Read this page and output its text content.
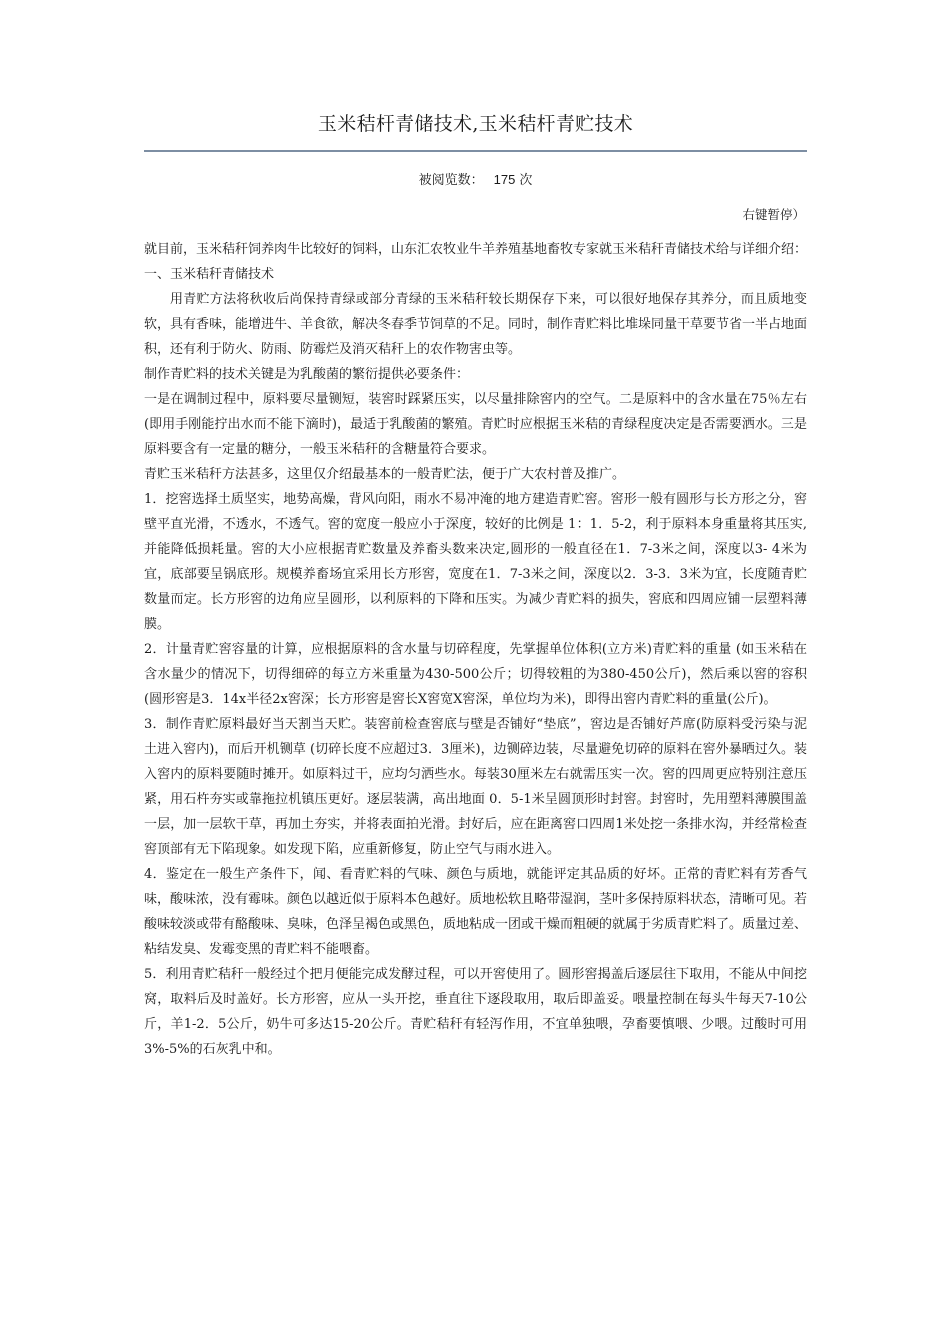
玉米秸杆青储技术,玉米秸杆青贮技术
被阅览数： 175 次
右键暂停）

就目前，玉米秸秆饲养肉牛比较好的饲料，山东汇农牧业牛羊养殖基地畜牧专家就玉米秸秆青储技术给与详细介绍：

一、玉米秸秆青储技术

用青贮方法将秋收后尚保持青绿或部分青绿的玉米秸秆较长期保存下来，可以很好地保存其养分，而且质地变软，具有香味，能增进牛、羊食欲，解决冬春季节饲草的不足。同时，制作青贮料比堆垛同量干草要节省一半占地面积，还有利于防火、防雨、防霉烂及消灭秸秆上的农作物害虫等。

制作青贮料的技术关键是为乳酸菌的繁衍提供必要条件：

一是在调制过程中，原料要尽量铡短，装窖时踩紧压实，以尽量排除窖内的空气。二是原料中的含水量在75％左右(即用手刚能拧出水而不能下滴时)，最适于乳酸菌的繁殖。青贮时应根据玉米秸的青绿程度决定是否需要洒水。三是原料要含有一定量的糖分，一般玉米秸秆的含糖量符合要求。

青贮玉米秸秆方法甚多，这里仅介绍最基本的一般青贮法，便于广大农村普及推广。

1．挖窖选择土质坚实，地势高燥，背风向阳，雨水不易冲淹的地方建造青贮窖。窖形一般有圆形与长方形之分，窖壁平直光滑，不透水，不透气。窖的宽度一般应小于深度，较好的比例是 1：1．5-2，利于原料本身重量将其压实,并能降低损耗量。窖的大小应根据青贮数量及养畜头数来决定,圆形的一般直径在1．7-3米之间，深度以3- 4米为宜，底部要呈锅底形。规模养畜场宜采用长方形窖，宽度在1．7-3米之间，深度以2．3-3．3米为宜，长度随青贮数量而定。长方形窖的边角应呈圆形，以利原料的下降和压实。为减少青贮料的损失，窖底和四周应铺一层塑料薄膜。

2．计量青贮窖容量的计算，应根据原料的含水量与切碎程度，先掌握单位体积(立方米)青贮料的重量 (如玉米秸在含水量少的情况下，切得细碎的每立方米重量为430-500公斤；切得较粗的为380-450公斤)，然后乘以窖的容积(圆形窖是3．14x半径2x窖深；长方形窖是窖长X窖宽X窖深，单位均为米)，即得出窖内青贮料的重量(公斤)。

3．制作青贮原料最好当天割当天贮。装窖前检查窖底与壁是否铺好“垫底”，窖边是否铺好芦席(防原料受污染与泥土进入窖内)，而后开机铡草 (切碎长度不应超过3．3厘米)，边铡碎边装，尽量避免切碎的原料在窖外暴晒过久。装入窖内的原料要随时摊开。如原料过干，应均匀洒些水。每装30厘米左右就需压实一次。窖的四周更应特别注意压紧，用石杵夯实或靠拖拉机镇压更好。逐层装满，高出地面 0．5-1米呈圆顶形时封窖。封窖时，先用塑料薄膜围盖一层，加一层软干草，再加土夯实，并将表面拍光滑。封好后，应在距离窖口四周1米处挖一条排水沟，并经常检查窖顶部有无下陷现象。如发现下陷，应重新修复，防止空气与雨水进入。

4．鉴定在一般生产条件下，闻、看青贮料的气味、颜色与质地，就能评定其品质的好坏。正常的青贮料有芳香气味，酸味浓，没有霉味。颜色以越近似于原料本色越好。质地松软且略带湿润，茎叶多保持原料状态，清晰可见。若酸味较淡或带有酪酸味、臭味，色泽呈褐色或黑色，质地粘成一团或干燥而粗硬的就属于劣质青贮料了。质量过差、粘结发臭、发霉变黑的青贮料不能喂畜。

5．利用青贮秸秆一般经过个把月便能完成发酵过程，可以开窖使用了。圆形窖揭盖后逐层往下取用，不能从中间挖窝，取料后及时盖好。长方形窖，应从一头开挖，垂直往下逐段取用，取后即盖妥。喂量控制在每头牛每天7-10公斤，羊1-2．5公斤，奶牛可多达15-20公斤。青贮秸秆有轻泻作用，不宜单独喂，孕畜要慎喂、少喂。过酸时可用3%-5%的石灰乳中和。
